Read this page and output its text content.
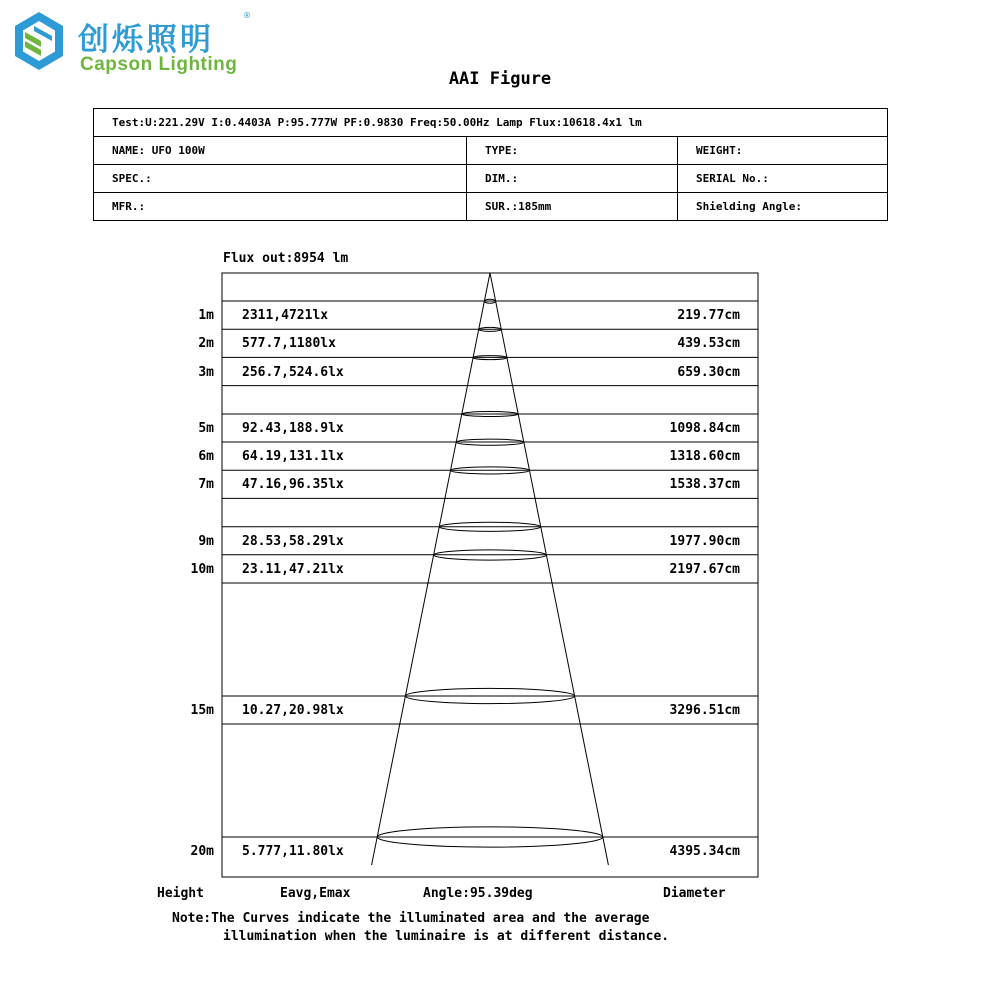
创烁照明
®
Capson Lighting
AAI Figure
Test:U:221.29V I:0.4403A P:95.777W PF:0.9830 Freq:50.00Hz Lamp Flux:10618.4x1 lm		
NAME: UFO 100W	TYPE:	WEIGHT:
SPEC.:	DIM.:	SERIAL No.:
MFR.:	SUR.:185mm	Shielding Angle:
Flux out:8954 lm
1m 2311,4721lx	219.77cm
2m 577.7,1180lx	439.53cm
3m 256.7,524.6lx	659.30cm
5m 92.43,188.9lx	1098.84cm
6m 64.19,131.1lx	1318.60cm
7m 47.16,96.35lx	1538.37cm
9m 28.53,58.29lx	1977.90cm
10m 23.11,47.21lx	2197.67cm
15m 10.27,20.98lx	3296.51cm
20m 5.777,11.80lx	4395.34cm
Height	Eavg,Emax	Angle:95.39deg	Diameter
Note:The Curves indicate the illuminated area and the average
illumination when the luminaire is at different distance.
